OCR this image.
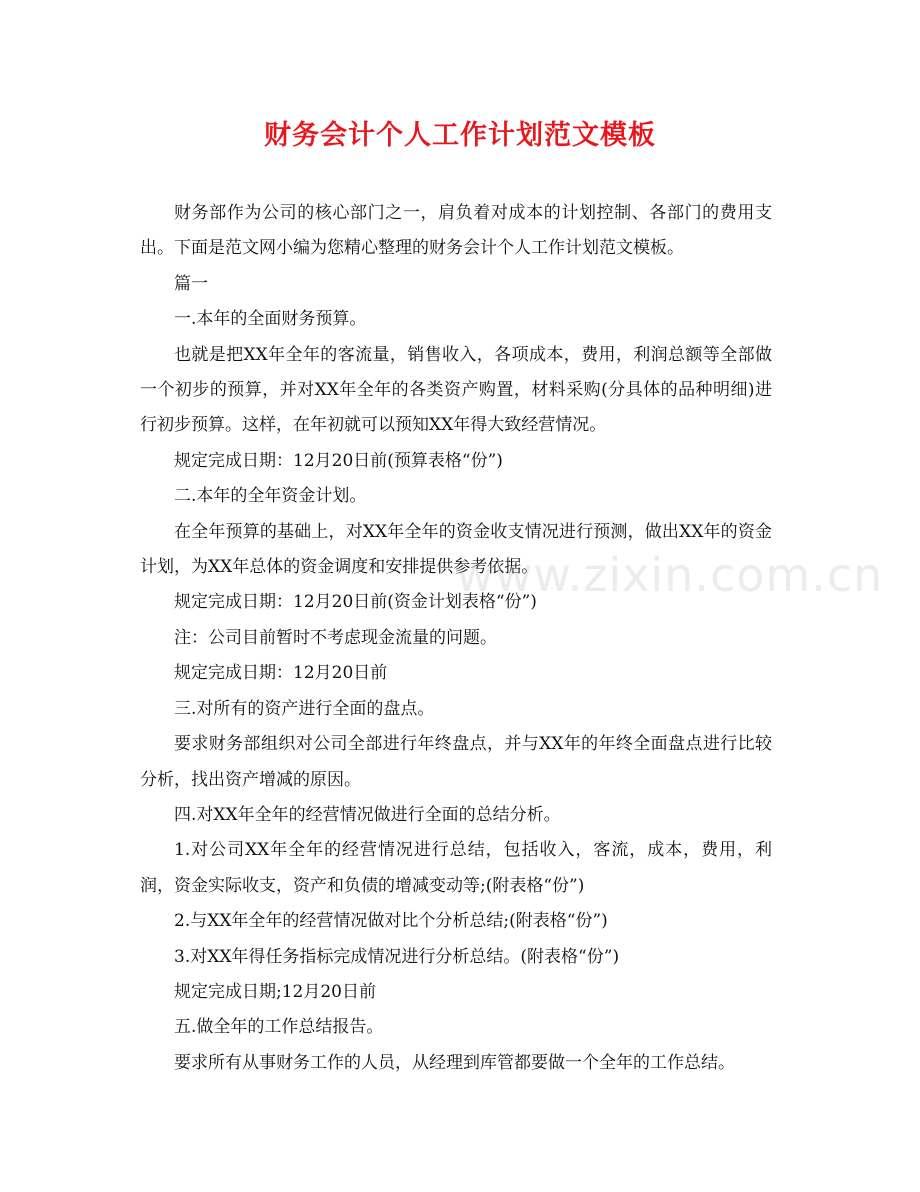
财务会计个人工作计划范文模板

财务部作为公司的核心部门之一，肩负着对成本的计划控制、各部门的费用支出。下面是范文网小编为您精心整理的财务会计个人工作计划范文模板。

篇一

一.本年的全面财务预算。

也就是把XX年全年的客流量，销售收入，各项成本，费用，利润总额等全部做一个初步的预算，并对XX年全年的各类资产购置，材料采购(分具体的品种明细)进行初步预算。这样，在年初就可以预知XX年得大致经营情况。

规定完成日期：12月20日前(预算表格“份”)

二.本年的全年资金计划。

在全年预算的基础上，对XX年全年的资金收支情况进行预测，做出XX年的资金计划，为XX年总体的资金调度和安排提供参考依据。

规定完成日期：12月20日前(资金计划表格“份”)

注：公司目前暂时不考虑现金流量的问题。

规定完成日期：12月20日前

三.对所有的资产进行全面的盘点。

要求财务部组织对公司全部进行年终盘点，并与XX年的年终全面盘点进行比较分析，找出资产增减的原因。

四.对XX年全年的经营情况做进行全面的总结分析。

1.对公司XX年全年的经营情况进行总结，包括收入，客流，成本，费用，利润，资金实际收支，资产和负债的增减变动等;(附表格“份”)

2.与XX年全年的经营情况做对比个分析总结;(附表格“份”)

3.对XX年得任务指标完成情况进行分析总结。(附表格“份”)

规定完成日期;12月20日前

五.做全年的工作总结报告。

要求所有从事财务工作的人员，从经理到库管都要做一个全年的工作总结。

www.zixin.com.cn
